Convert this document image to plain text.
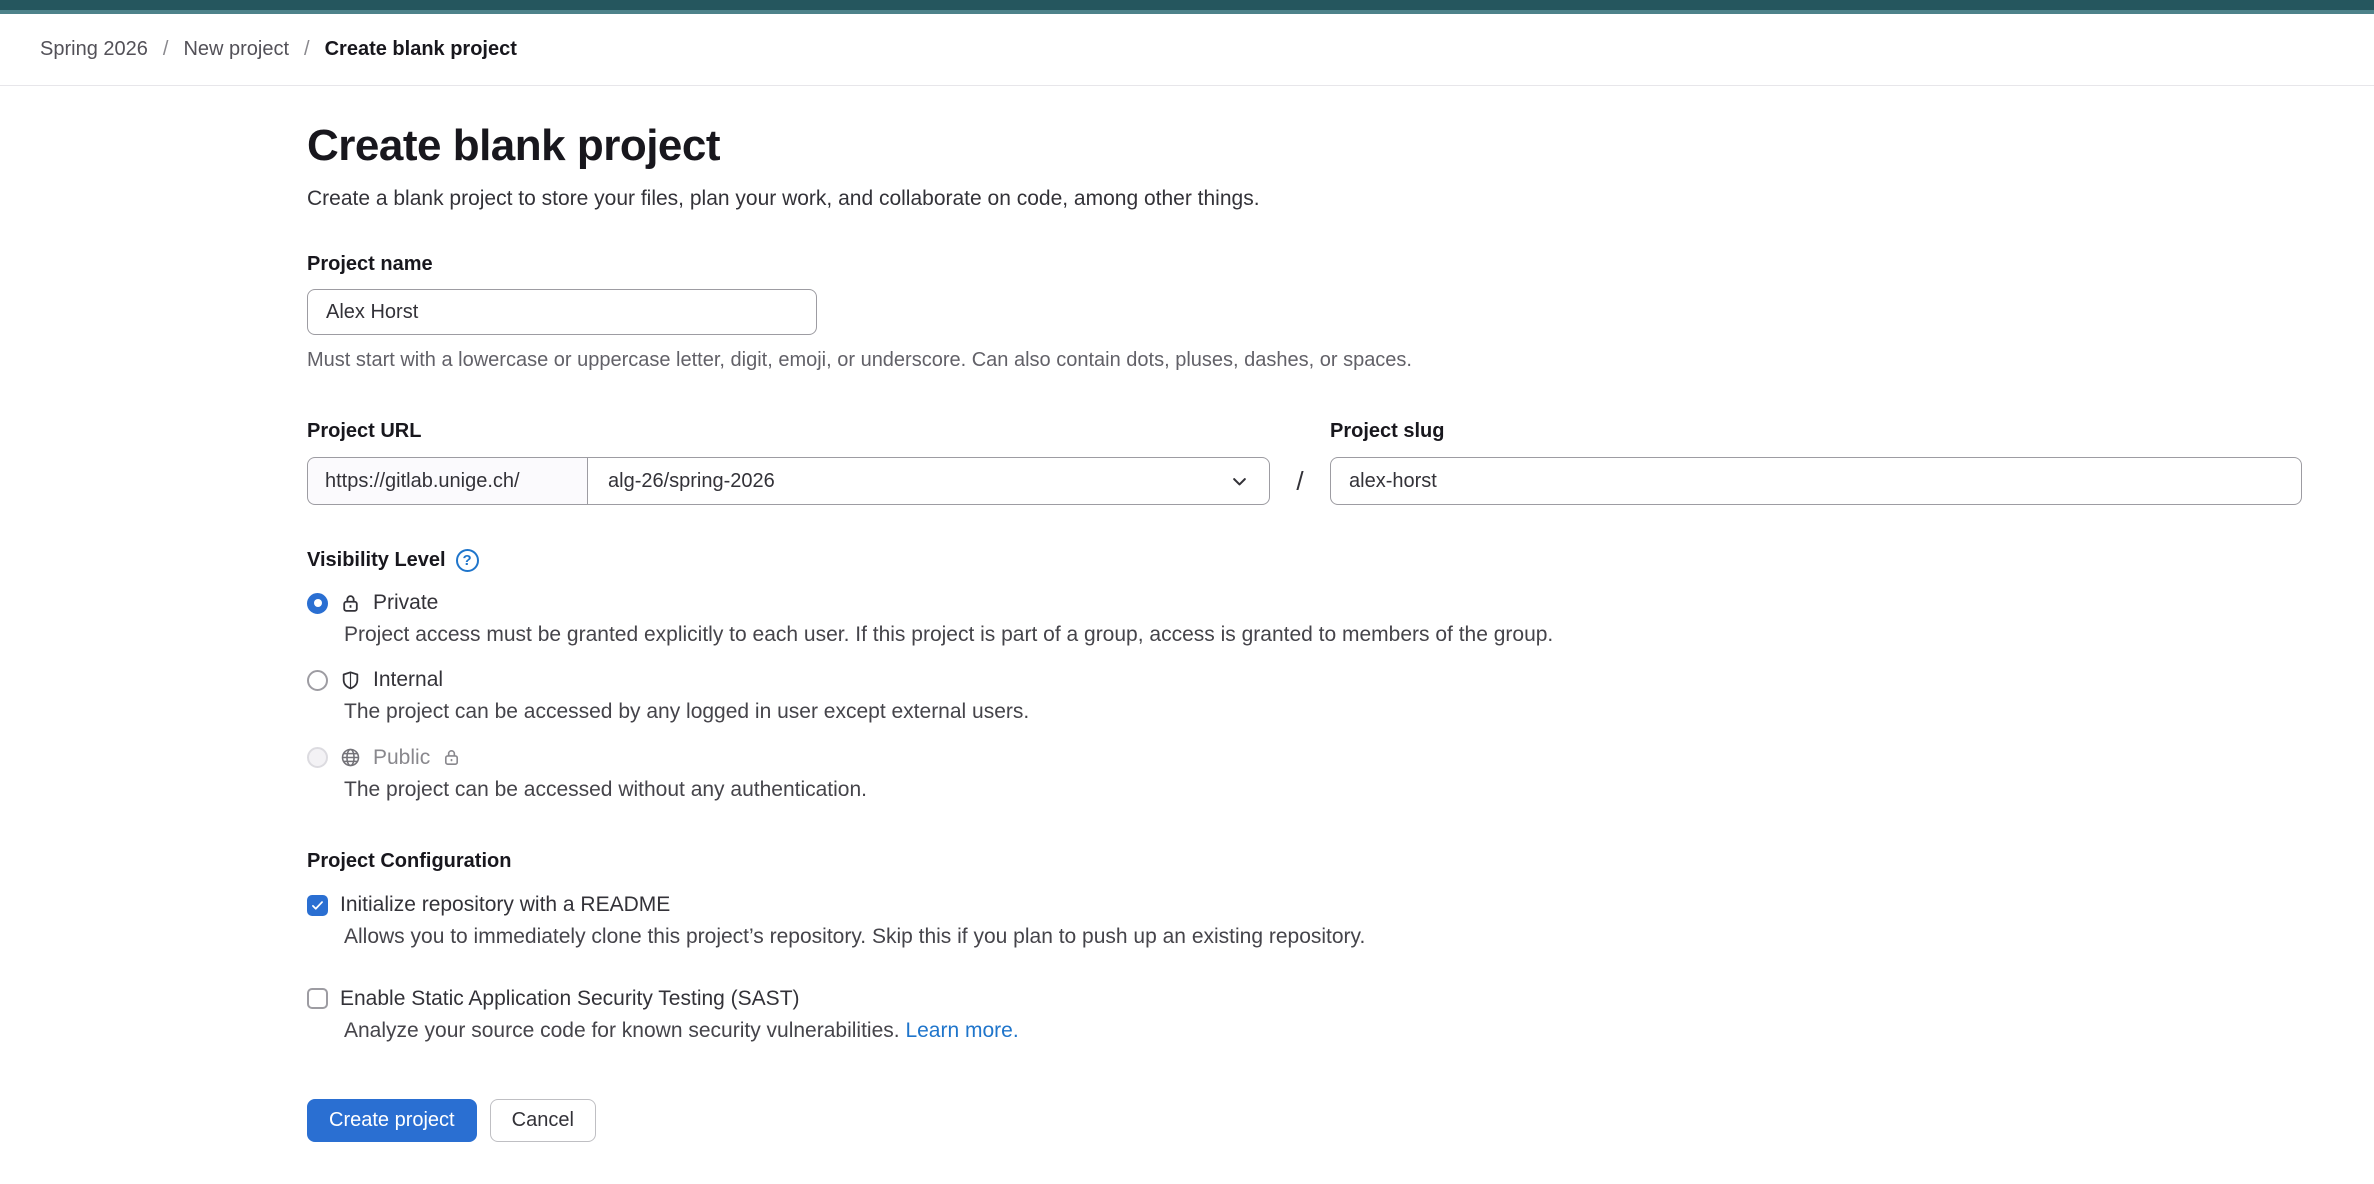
Spring 2026 / New project / Create blank project
Create blank project
Create a blank project to store your files, plan your work, and collaborate on code, among other things.
Project name
Alex Horst
Must start with a lowercase or uppercase letter, digit, emoji, or underscore. Can also contain dots, pluses, dashes, or spaces.
Project URL
https://gitlab.unige.ch/	alg-26/spring-2026	/
Project slug
alex-horst
Visibility Level	?
Private
Project access must be granted explicitly to each user. If this project is part of a group, access is granted to members of the group.
Internal
The project can be accessed by any logged in user except external users.
Public
The project can be accessed without any authentication.
Project Configuration
Initialize repository with a README
Allows you to immediately clone this project’s repository. Skip this if you plan to push up an existing repository.
Enable Static Application Security Testing (SAST)
Analyze your source code for known security vulnerabilities. Learn more.
Create project	Cancel
